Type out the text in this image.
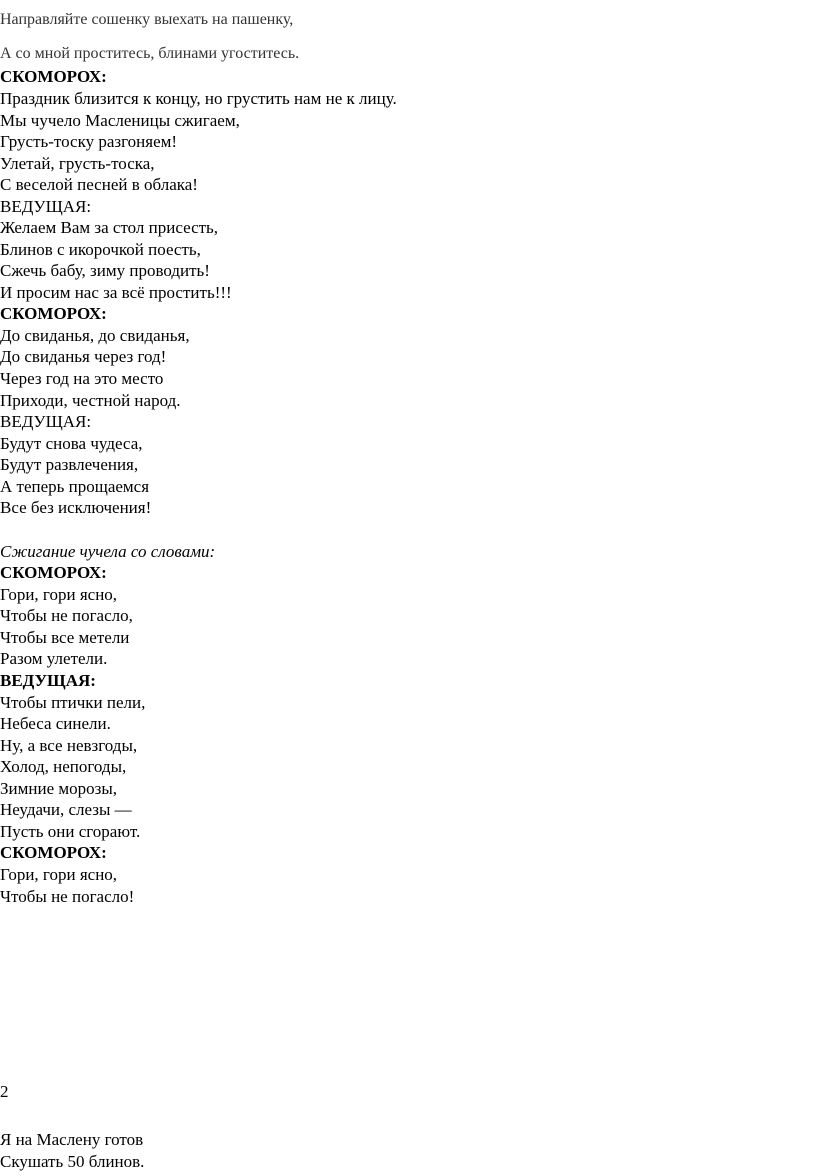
Направляйте сошенку выехать на пашенку,
А со мной проститесь, блинами угоститесь.
СКОМОРОХ:
Праздник близится к концу, но грустить нам не к лицу.
Мы чучело Масленицы сжигаем,
Грусть-тоску разгоняем!
Улетай, грусть-тоска,
С веселой песней в облака!
ВЕДУЩАЯ:
Желаем Вам за стол присесть,
Блинов с икорочкой поесть,
Сжечь бабу, зиму проводить!
И просим нас за всё простить!!!
СКОМОРОХ:
До свиданья, до свиданья,
До свиданья через год!
Через год на это место
Приходи, честной народ.
ВЕДУЩАЯ:
Будут снова чудеса,
Будут развлечения,
А теперь прощаемся
Все без исключения!
Сжигание чучела со словами:
СКОМОРОХ:
Гори, гори ясно,
Чтобы не погасло,
Чтобы все метели
Разом улетели.
ВЕДУЩАЯ:
Чтобы птички пели,
Небеса синели.
Ну, а все невзгоды,
Холод, непогоды,
Зимние морозы,
Неудачи, слезы —
Пусть они сгорают.
СКОМОРОХ:
Гори, гори ясно,
Чтобы не погасло!
2
Я на Маслену готов
Скушать 50 блинов.
